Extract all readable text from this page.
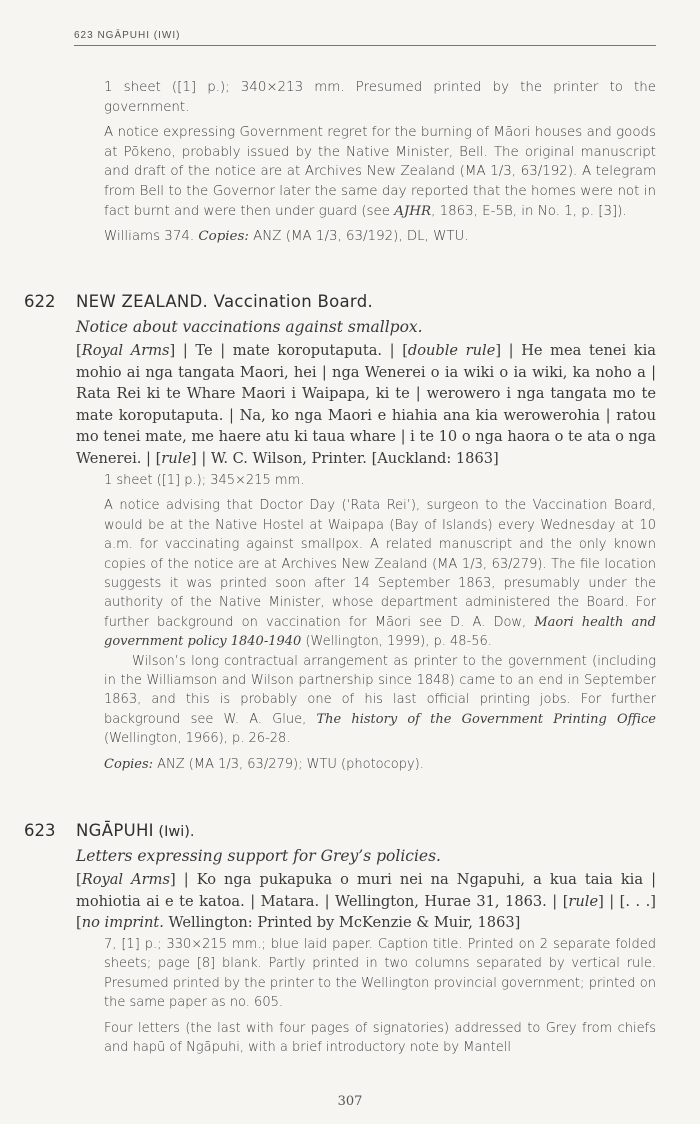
623 NGĀPUHI (IWI)

1 sheet ([1] p.); 340×213 mm. Presumed printed by the printer to the government.

A notice expressing Government regret for the burning of Māori houses and goods at Pōkeno, probably issued by the Native Minister, Bell. The original manuscript and draft of the notice are at Archives New Zealand (MA 1/3, 63/192). A telegram from Bell to the Governor later the same day reported that the homes were not in fact burnt and were then under guard (see AJHR, 1863, E-5B, in No. 1, p. [3]).

Williams 374. Copies: ANZ (MA 1/3, 63/192), DL, WTU.

622 NEW ZEALAND. Vaccination Board.
Notice about vaccinations against smallpox.
[Royal Arms] | Te | mate koroputaputa. | [double rule] | He mea tenei kia mohio ai nga tangata Maori, hei | nga Wenerei o ia wiki o ia wiki, ka noho a | Rata Rei ki te Whare Maori i Waipapa, ki te | werowero i nga tangata mo te mate koroputaputa. | Na, ko nga Maori e hiahia ana kia werowerohia | ratou mo tenei mate, me haere atu ki taua whare | i te 10 o nga haora o te ata o nga Wenerei. | [rule] | W. C. Wilson, Printer. [Auckland: 1863]

1 sheet ([1] p.); 345×215 mm.

A notice advising that Doctor Day (‘Rata Rei’), surgeon to the Vaccination Board, would be at the Native Hostel at Waipapa (Bay of Islands) every Wednesday at 10 a.m. for vaccinating against smallpox. A related manuscript and the only known copies of the notice are at Archives New Zealand (MA 1/3, 63/279). The file location suggests it was printed soon after 14 September 1863, presumably under the authority of the Native Minister, whose department administered the Board. For further background on vaccination for Māori see D. A. Dow, Maori health and government policy 1840-1940 (Wellington, 1999), p. 48-56.

Wilson’s long contractual arrangement as printer to the government (including in the Williamson and Wilson partnership since 1848) came to an end in September 1863, and this is probably one of his last official printing jobs. For further background see W. A. Glue, The history of the Government Printing Office (Wellington, 1966), p. 26-28.

Copies: ANZ (MA 1/3, 63/279); WTU (photocopy).

623 NGĀPUHI (Iwi).
Letters expressing support for Grey’s policies.
[Royal Arms] | Ko nga pukapuka o muri nei na Ngapuhi, a kua taia kia | mohiotia ai e te katoa. | Matara. | Wellington, Hurae 31, 1863. | [rule] | [. . .] [no imprint. Wellington: Printed by McKenzie & Muir, 1863]

7, [1] p.; 330×215 mm.; blue laid paper. Caption title. Printed on 2 separate folded sheets; page [8] blank. Partly printed in two columns separated by vertical rule. Presumed printed by the printer to the Wellington provincial government; printed on the same paper as no. 605.

Four letters (the last with four pages of signatories) addressed to Grey from chiefs and hapū of Ngāpuhi, with a brief introductory note by Mantell

307
